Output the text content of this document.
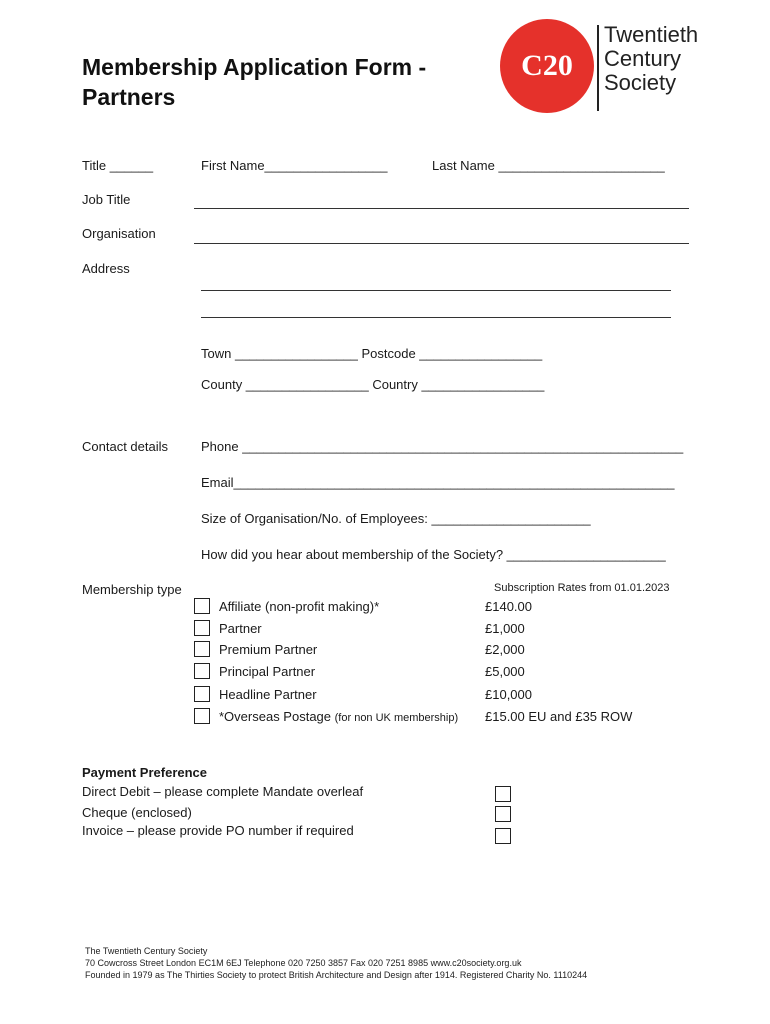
Membership Application Form - Partners
C20
Twentieth
Century
Society
Title ______	First Name_________________	Last Name _______________________
Job Title
Organisation
Address
Town _________________ Postcode _________________
County _________________ Country _________________
Contact details	Phone _____________________________________________________________
Email_____________________________________________________________
Size of Organisation/No. of Employees: ______________________
How did you hear about membership of the Society? ______________________
Membership type	Subscription Rates from 01.01.2023
Affiliate (non-profit making)*	£140.00
Partner	£1,000
Premium Partner	£2,000
Principal Partner	£5,000
Headline Partner	£10,000
*Overseas Postage (for non UK membership) £15.00 EU and £35 ROW
Payment Preference
Direct Debit – please complete Mandate overleaf
Cheque (enclosed)
Invoice – please provide PO number if required
The Twentieth Century Society
70 Cowcross Street London EC1M 6EJ Telephone 020 7250 3857 Fax 020 7251 8985 www.c20society.org.uk
Founded in 1979 as The Thirties Society to protect British Architecture and Design after 1914. Registered Charity No. 1110244
